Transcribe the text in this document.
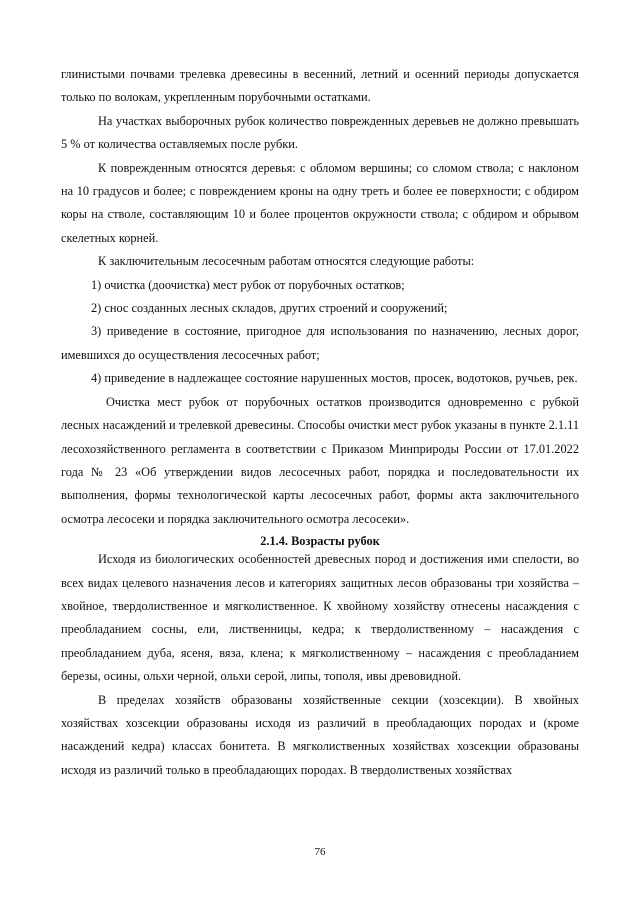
глинистыми почвами трелевка древесины в весенний, летний и осенний периоды допускается только по волокам, укрепленным порубочными остатками.

На участках выборочных рубок количество поврежденных деревьев не должно превышать 5 % от количества оставляемых после рубки.

К поврежденным относятся деревья: с обломом вершины; со сломом ствола; с наклоном на 10 градусов и более; с повреждением кроны на одну треть и более ее поверхности; с обдиром коры на стволе, составляющим 10 и более процентов окружности ствола; с обдиром и обрывом скелетных корней.

К заключительным лесосечным работам относятся следующие работы:

1) очистка (доочистка) мест рубок от порубочных остатков;

2) снос созданных лесных складов, других строений и сооружений;

3) приведение в состояние, пригодное для использования по назначению, лесных дорог, имевшихся до осуществления лесосечных работ;

4) приведение в надлежащее состояние нарушенных мостов, просек, водотоков, ручьев, рек.

Очистка мест рубок от порубочных остатков производится одновременно с рубкой лесных насаждений и трелевкой древесины. Способы очистки мест рубок указаны в пункте 2.1.11 лесохозяйственного регламента в соответствии с Приказом Минприроды России от 17.01.2022 года № 23 «Об утверждении видов лесосечных работ, порядка и последовательности их выполнения, формы технологической карты лесосечных работ, формы акта заключительного осмотра лесосеки и порядка заключительного осмотра лесосеки».

2.1.4. Возрасты рубок

Исходя из биологических особенностей древесных пород и достижения ими спелости, во всех видах целевого назначения лесов и категориях защитных лесов образованы три хозяйства – хвойное, твердолиственное и мягколиственное. К хвойному хозяйству отнесены насаждения с преобладанием сосны, ели, лиственницы, кедра; к твердолиственному – насаждения с преобладанием дуба, ясеня, вяза, клена; к мягколиственному – насаждения с преобладанием березы, осины, ольхи черной, ольхи серой, липы, тополя, ивы древовидной.

В пределах хозяйств образованы хозяйственные секции (хозсекции). В хвойных хозяйствах хозсекции образованы исходя из различий в преобладающих породах и (кроме насаждений кедра) классах бонитета. В мягколиственных хозяйствах хозсекции образованы исходя из различий только в преобладающих породах. В твердолиственых хозяйствах

76
